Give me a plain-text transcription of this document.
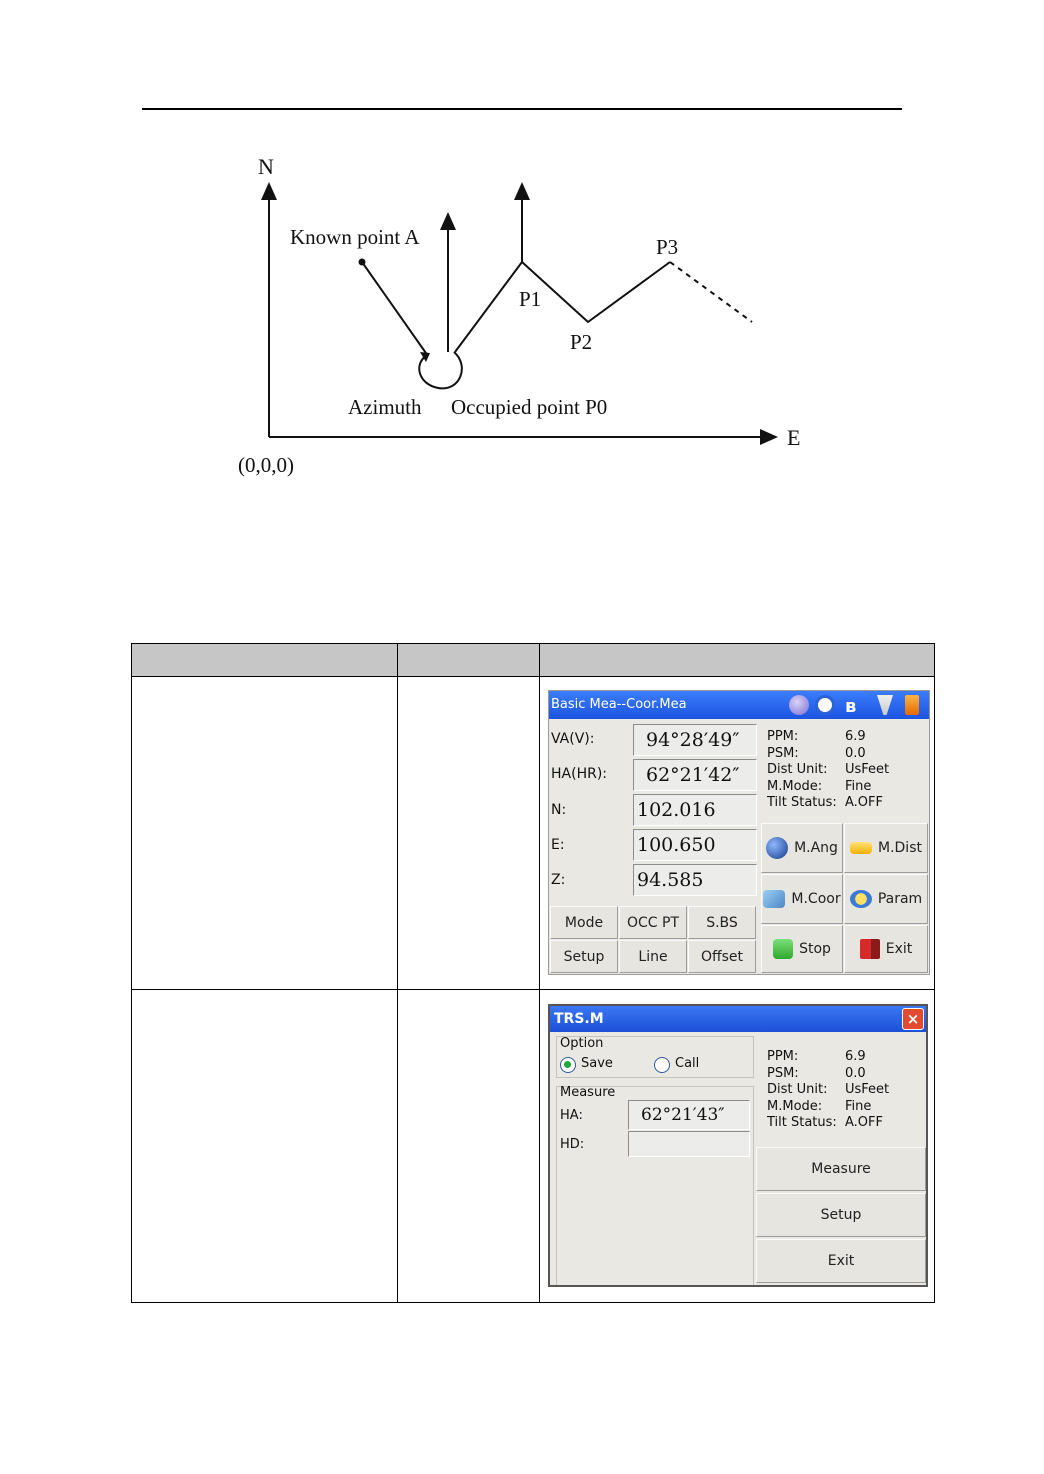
N
E
(0,0,0)
Known point A
Azimuth Occupied point P0
P1
P2
P3

Basic Mea--Coor.Mea	ʙ
VA(V):	94°28′49″
HA(HR):	62°21′42″
N:	102.016
E:	100.650
Z:	94.585
PPM:	6.9
PSM:	0.0
Dist Unit: UsFeet
M.Mode: Fine
Tilt Status: A.OFF
M.Ang	M.Dist
M.Coor	Param
Stop	Exit
Mode	OCC PT	S.BS
Setup	Line	Offset
TRS.M	×
Option
Save	Call
Measure
HA:	62°21′43″
HD:
PPM:	6.9
PSM:	0.0
Dist Unit: UsFeet
M.Mode: Fine
Tilt Status: A.OFF
Measure
Setup
Exit
